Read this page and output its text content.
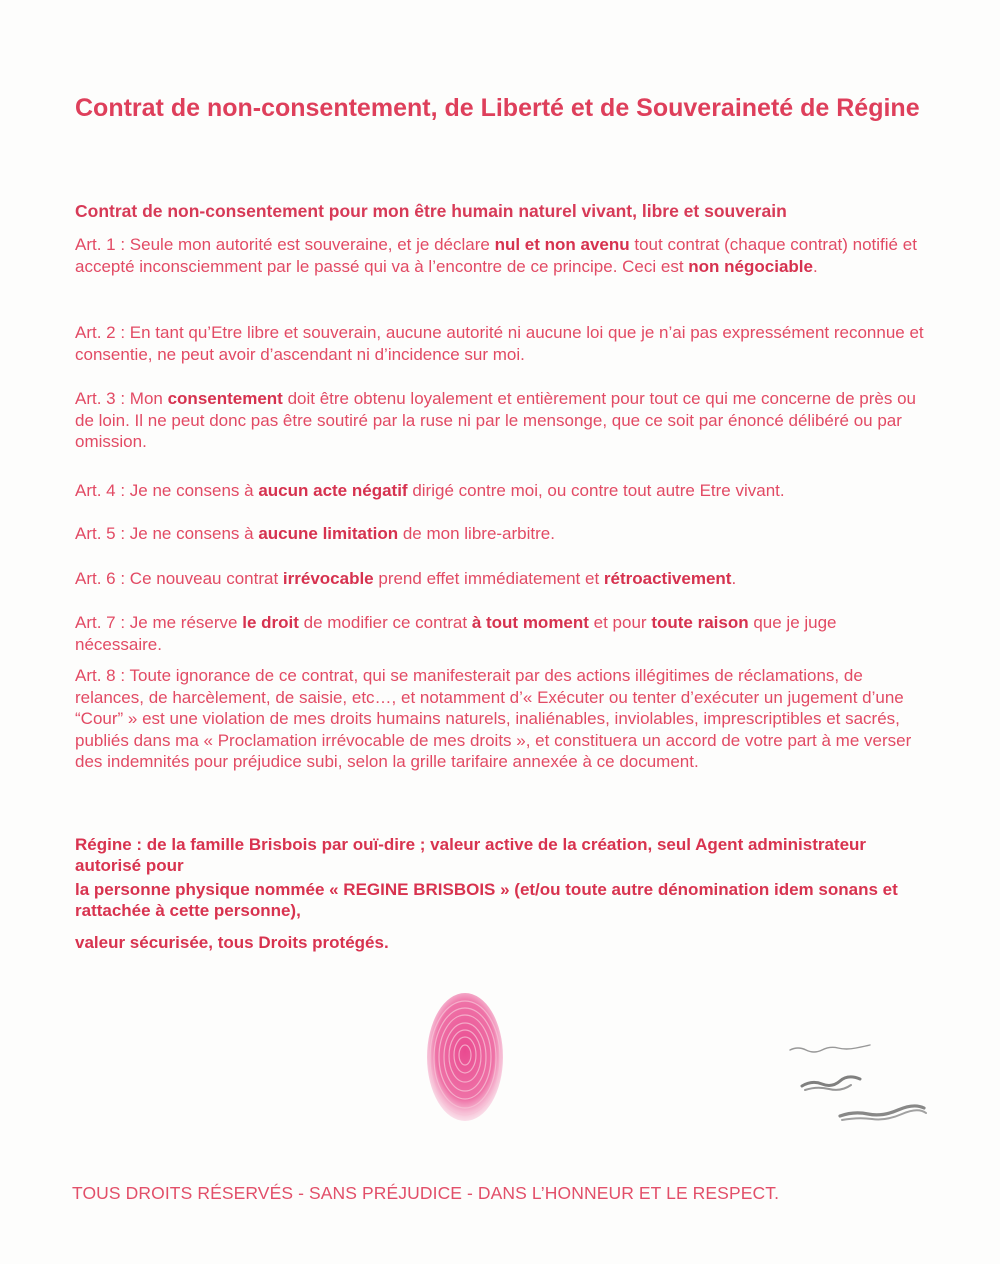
Contrat de non-consentement, de Liberté et de Souveraineté de Régine
Contrat de non-consentement pour mon être humain naturel vivant, libre et souverain

Art. 1 : Seule mon autorité est souveraine, et je déclare nul et non avenu tout contrat (chaque contrat) notifié et accepté inconsciemment par le passé qui va à l’encontre de ce principe. Ceci est non négociable.

Art. 2 : En tant qu’Etre libre et souverain, aucune autorité ni aucune loi que je n’ai pas expressément reconnue et consentie, ne peut avoir d’ascendant ni d’incidence sur moi.

Art. 3 : Mon consentement doit être obtenu loyalement et entièrement pour tout ce qui me concerne de près ou de loin. Il ne peut donc pas être soutiré par la ruse ni par le mensonge, que ce soit par énoncé délibéré ou par omission.

Art. 4 : Je ne consens à aucun acte négatif dirigé contre moi, ou contre tout autre Etre vivant.

Art. 5 : Je ne consens à aucune limitation de mon libre-arbitre.

Art. 6 : Ce nouveau contrat irrévocable prend effet immédiatement et rétroactivement.

Art. 7 : Je me réserve le droit de modifier ce contrat à tout moment et pour toute raison que je juge nécessaire.

Art. 8 : Toute ignorance de ce contrat, qui se manifesterait par des actions illégitimes de réclamations, de relances, de harcèlement, de saisie, etc…, et notamment d’« Exécuter ou tenter d’exécuter un jugement d’une “Cour” » est une violation de mes droits humains naturels, inaliénables, inviolables, imprescriptibles et sacrés, publiés dans ma « Proclamation irrévocable de mes droits », et constituera un accord de votre part à me verser des indemnités pour préjudice subi, selon la grille tarifaire annexée à ce document.

Régine : de la famille Brisbois par ouï-dire ; valeur active de la création, seul Agent administrateur autorisé pour

la personne physique nommée « REGINE BRISBOIS » (et/ou toute autre dénomination idem sonans et rattachée à cette personne),

valeur sécurisée, tous Droits protégés.

TOUS DROITS RÉSERVÉS - SANS PRÉJUDICE - DANS L’HONNEUR ET LE RESPECT.
